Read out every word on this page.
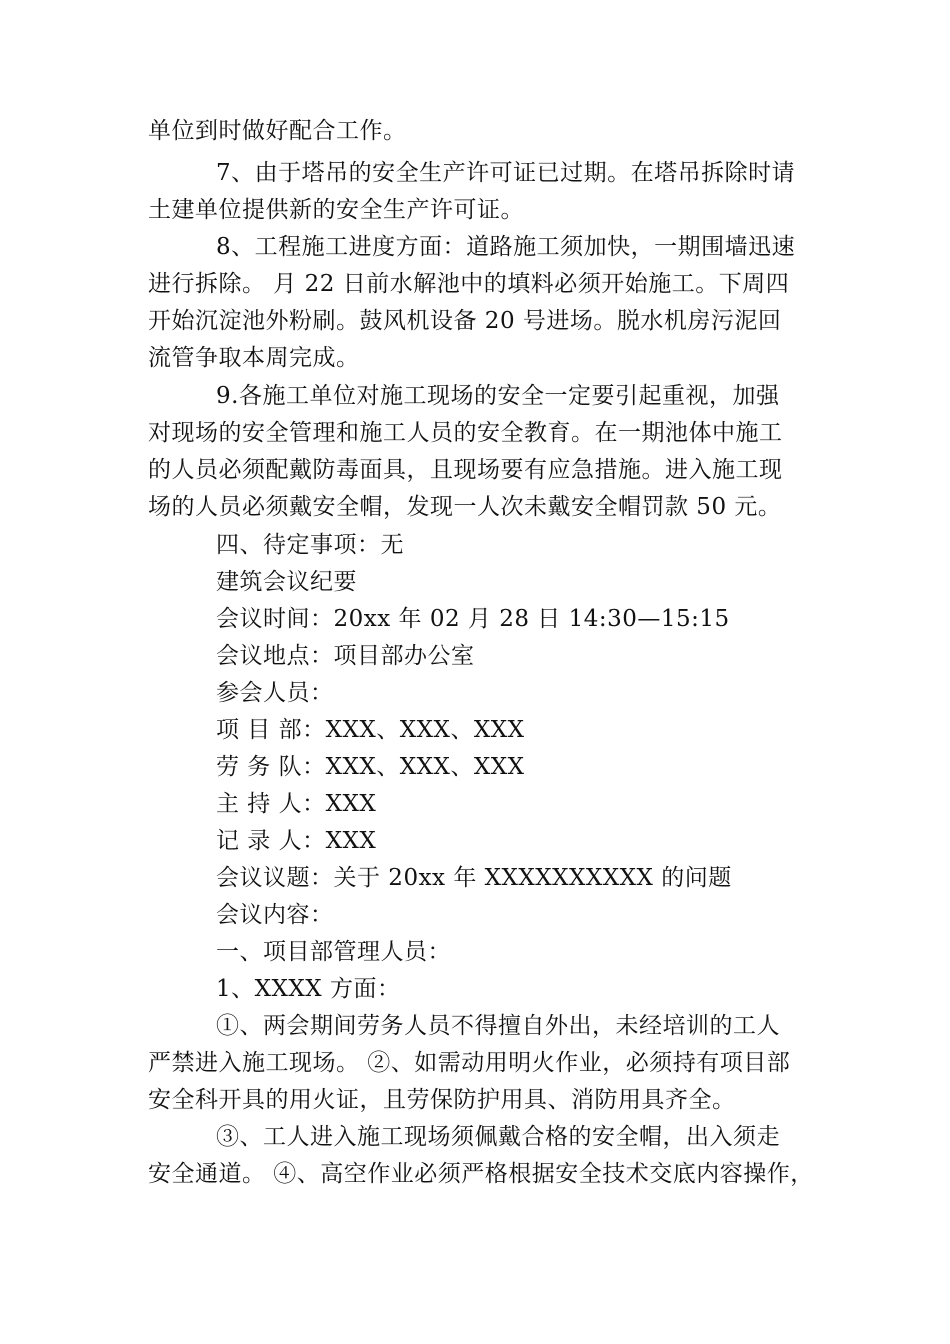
单位到时做好配合工作。
7、由于塔吊的安全生产许可证已过期。在塔吊拆除时请
土建单位提供新的安全生产许可证。
8、工程施工进度方面：道路施工须加快，一期围墙迅速
进行拆除。 月 22 日前水解池中的填料必须开始施工。下周四
开始沉淀池外粉刷。鼓风机设备 20 号进场。脱水机房污泥回
流管争取本周完成。
9.各施工单位对施工现场的安全一定要引起重视，加强
对现场的安全管理和施工人员的安全教育。在一期池体中施工
的人员必须配戴防毒面具，且现场要有应急措施。进入施工现
场的人员必须戴安全帽，发现一人次未戴安全帽罚款 50 元。
四、待定事项：无
建筑会议纪要
会议时间：20xx 年 02 月 28 日 14:30—15:15
会议地点：项目部办公室
参会人员：
项 目 部：XXX、XXX、XXX
劳 务 队：XXX、XXX、XXX
主 持 人：XXX
记 录 人：XXX
会议议题：关于 20xx 年 XXXXXXXXXX 的问题
会议内容：
一、项目部管理人员：
1、XXXX 方面：
①、两会期间劳务人员不得擅自外出，未经培训的工人
严禁进入施工现场。 ②、如需动用明火作业，必须持有项目部
安全科开具的用火证，且劳保防护用具、消防用具齐全。
③、工人进入施工现场须佩戴合格的安全帽，出入须走
安全通道。 ④、高空作业必须严格根据安全技术交底内容操作，
